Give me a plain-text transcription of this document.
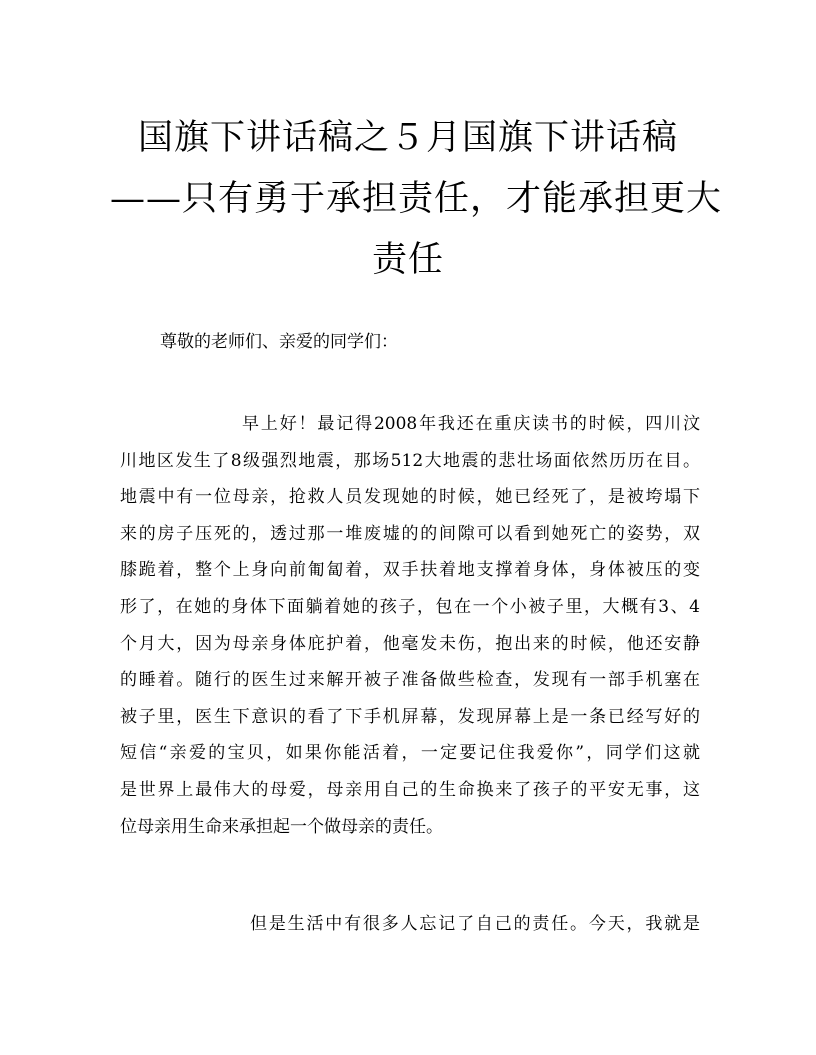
国旗下讲话稿之５月国旗下讲话稿
——只有勇于承担责任，才能承担更大
责任

尊敬的老师们、亲爱的同学们：

早上好！最记得2008年我还在重庆读书的时候，四川汶
川地区发生了8级强烈地震，那场512大地震的悲壮场面依然历历在目。
地震中有一位母亲，抢救人员发现她的时候，她已经死了，是被垮塌下
来的房子压死的，透过那一堆废墟的的间隙可以看到她死亡的姿势，双
膝跪着，整个上身向前匍匐着，双手扶着地支撑着身体，身体被压的变
形了，在她的身体下面躺着她的孩子，包在一个小被子里，大概有3、4
个月大，因为母亲身体庇护着，他毫发未伤，抱出来的时候，他还安静
的睡着。随行的医生过来解开被子准备做些检查，发现有一部手机塞在
被子里，医生下意识的看了下手机屏幕，发现屏幕上是一条已经写好的
短信“亲爱的宝贝，如果你能活着，一定要记住我爱你”，同学们这就
是世界上最伟大的母爱，母亲用自己的生命换来了孩子的平安无事，这
位母亲用生命来承担起一个做母亲的责任。
但是生活中有很多人忘记了自己的责任。今天，我就是
